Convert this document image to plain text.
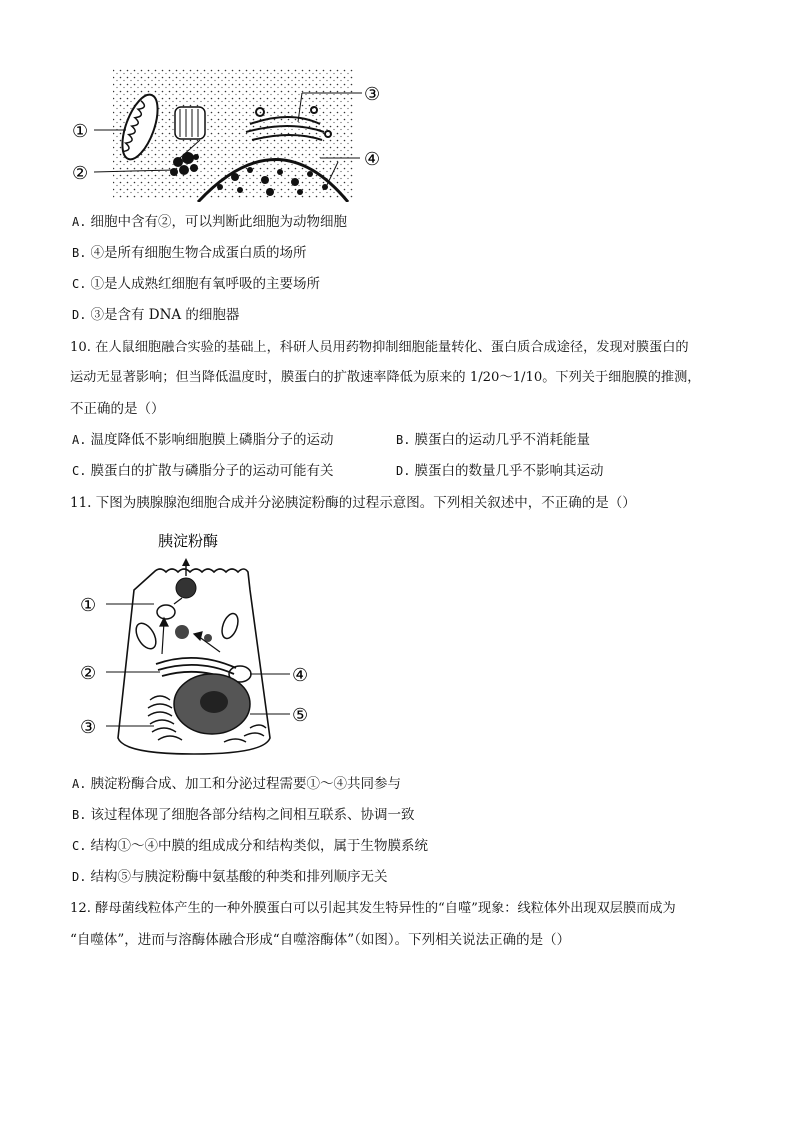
①
②
③
④
A. 细胞中含有②，可以判断此细胞为动物细胞
B. ④是所有细胞生物合成蛋白质的场所
C. ①是人成熟红细胞有氧呼吸的主要场所
D. ③是含有 DNA 的细胞器
10. 在人鼠细胞融合实验的基础上，科研人员用药物抑制细胞能量转化、蛋白质合成途径，发现对膜蛋白的
运动无显著影响；但当降低温度时，膜蛋白的扩散速率降低为原来的 1/20～1/10。下列关于细胞膜的推测，
不正确的是（）
A. 温度降低不影响细胞膜上磷脂分子的运动	B. 膜蛋白的运动几乎不消耗能量
C. 膜蛋白的扩散与磷脂分子的运动可能有关	D. 膜蛋白的数量几乎不影响其运动
11. 下图为胰腺腺泡细胞合成并分泌胰淀粉酶的过程示意图。下列相关叙述中，不正确的是（）
胰淀粉酶
①
②
③
④
⑤
A. 胰淀粉酶合成、加工和分泌过程需要①～④共同参与
B. 该过程体现了细胞各部分结构之间相互联系、协调一致
C. 结构①～④中膜的组成成分和结构类似，属于生物膜系统
D. 结构⑤与胰淀粉酶中氨基酸的种类和排列顺序无关
12. 酵母菌线粒体产生的一种外膜蛋白可以引起其发生特异性的“自噬”现象：线粒体外出现双层膜而成为
“自噬体”，进而与溶酶体融合形成“自噬溶酶体”（如图）。下列相关说法正确的是（）
